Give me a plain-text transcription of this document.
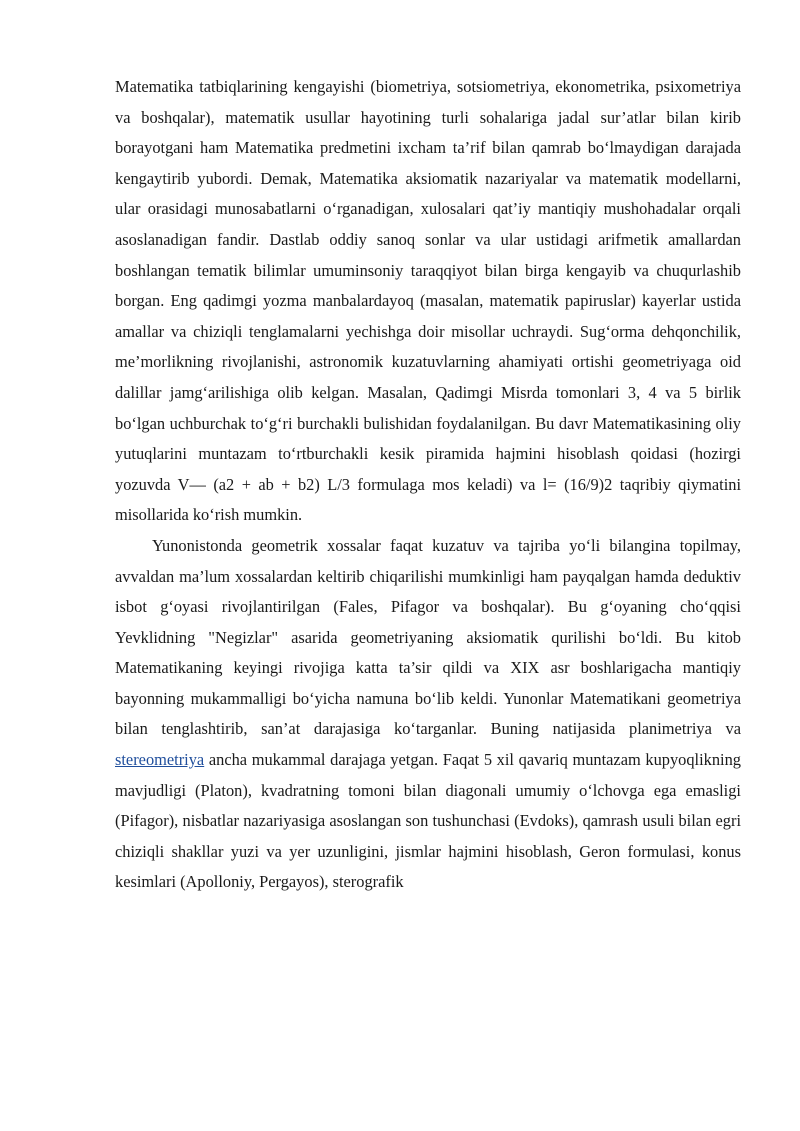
Matematika tatbiqlarining kengayishi (biometriya, sotsiometriya, ekonometrika, psixometriya va boshqalar), matematik usullar hayotining turli sohalariga jadal sur’atlar bilan kirib borayotgani ham Matematika predmetini ixcham ta’rif bilan qamrab bo‘lmaydigan darajada kengaytirib yubordi. Demak, Matematika aksiomatik nazariyalar va matematik modellarni, ular orasidagi munosabatlarni o‘rganadigan, xulosalari qat’iy mantiqiy mushohadalar orqali asoslanadigan fandir. Dastlab oddiy sanoq sonlar va ular ustidagi arifmetik amallardan boshlangan tematik bilimlar umuminsoniy taraqqiyot bilan birga kengayib va chuqurlashib borgan. Eng qadimgi yozma manbalardayoq (masalan, matematik papiruslar) kayerlar ustida amallar va chiziqli tenglamalarni yechishga doir misollar uchraydi. Sug‘orma dehqonchilik, me’morlikning rivojlanishi, astronomik kuzatuvlarning ahamiyati ortishi geometriyaga oid dalillar jamg‘arilishiga olib kelgan. Masalan, Qadimgi Misrda tomonlari 3, 4 va 5 birlik bo‘lgan uchburchak to‘g‘ri burchakli bulishidan foydalanilgan. Bu davr Matematikasining oliy yutuqlarini muntazam to‘rtburchakli kesik piramida hajmini hisoblash qoidasi (hozirgi yozuvda V— (a2 + ab + b2) L/3 formulaga mos keladi) va l= (16/9)2 taqribiy qiymatini misollarida ko‘rish mumkin.

Yunonistonda geometrik xossalar faqat kuzatuv va tajriba yo‘li bilangina topilmay, avvaldan ma’lum xossalardan keltirib chiqarilishi mumkinligi ham payqalgan hamda deduktiv isbot g‘oyasi rivojlantirilgan (Fales, Pifagor va boshqalar). Bu g‘oyaning cho‘qqisi Yevklidning "Negizlar" asarida geometriyaning aksiomatik qurilishi bo‘ldi. Bu kitob Matematikaning keyingi rivojiga katta ta’sir qildi va XIX asr boshlarigacha mantiqiy bayonning mukammalligi bo‘yicha namuna bo‘lib keldi. Yunonlar Matematikani geometriya bilan tenglashtirib, san’at darajasiga ko‘targanlar. Buning natijasida planimetriya va stereometriya ancha mukammal darajaga yetgan. Faqat 5 xil qavariq muntazam kupyoqlikning mavjudligi (Platon), kvadratning tomoni bilan diagonali umumiy o‘lchovga ega emasligi (Pifagor), nisbatlar nazariyasiga asoslangan son tushunchasi (Evdoks), qamrash usuli bilan egri chiziqli shakllar yuzi va yer uzunligini, jismlar hajmini hisoblash, Geron formulasi, konus kesimlari (Apolloniy, Pergayos), sterografik
